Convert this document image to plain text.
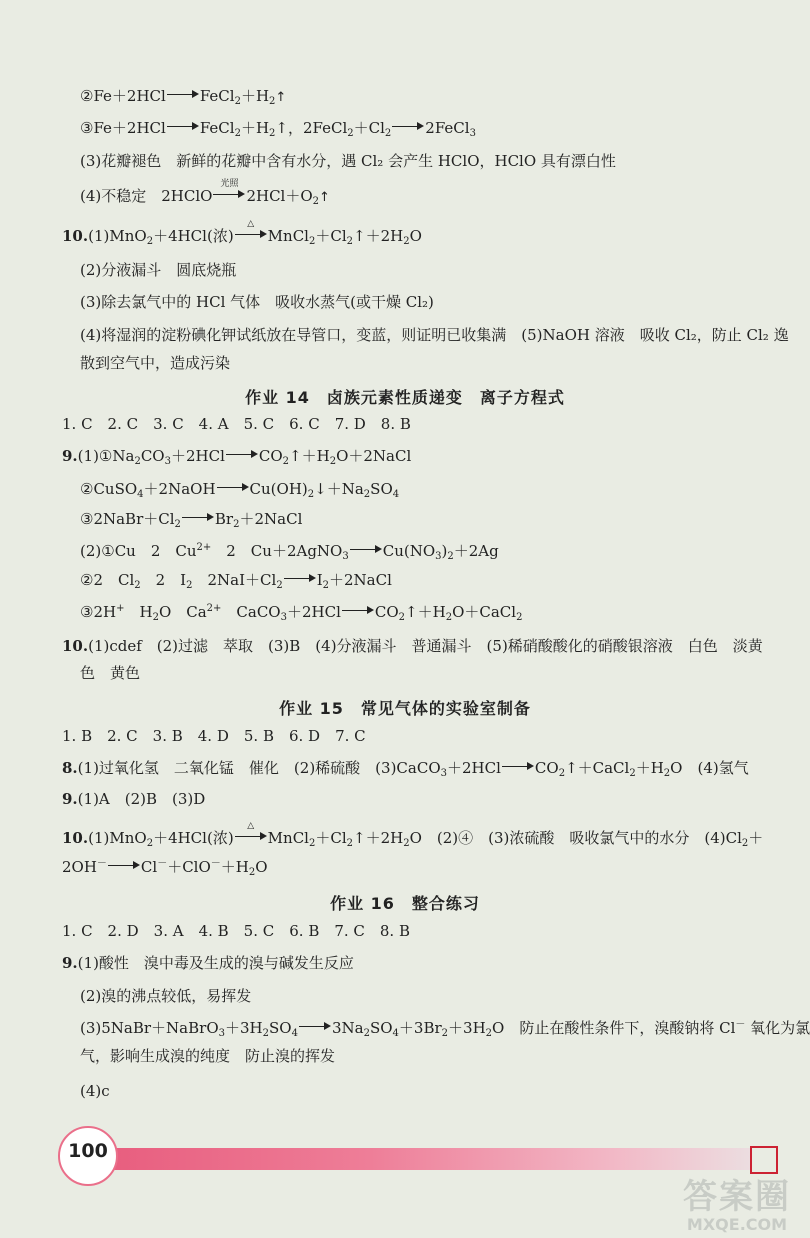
②Fe＋2HCl $FeCl_2+H_2↑$
③Fe＋2HCl $FeCl_2+H_2↑$，$2FeCl_2+Cl_2$ 2FeCl$_3$
(3)花瓣褪色　新鲜的花瓣中含有水分，遇 Cl₂ 会产生 HClO，HClO 具有漂白性
(4)不稳定　2HClO
光照
$2HCl+O_2↑$
10.(1)MnO$_2$＋4HCl(浓)
△
$MnCl_2+Cl_2↑+2H_2O$
(2)分液漏斗　圆底烧瓶
(3)除去氯气中的 HCl 气体　吸收水蒸气(或干燥 Cl₂)
(4)将湿润的淀粉碘化钾试纸放在导管口，变蓝，则证明已收集满　(5)NaOH 溶液　吸收 Cl₂，防止 Cl₂ 逸
散到空气中，造成污染
作业 14　卤族元素性质递变　离子方程式
1. C　2. C　3. C　4. A　5. C　6. C　7. D　8. B
$9.(1)①Na_2CO_3+2HCl$ $CO_2↑+H_2O+2NaCl$
②CuSO$_4$＋2NaOH $Cu(OH)_2↓+Na_2SO_4$
$③2NaBr+Cl_2$ $Br_2+2NaCl$
(2)①Cu　2　$Cu^{2+}$　2　Cu＋2AgNO$_3$ $Cu(NO_3)_2+2Ag$
②2　$Cl_2$　2　$I_2$　$2NaI+Cl_2$ $I_2+2NaCl$
③2H+　$H_2O$　$Ca^{2+}$　CaCO$_3$＋2HCl $CO_2↑+H_2O+CaCl_2$
10.(1)cdef　(2)过滤　萃取　(3)B　(4)分液漏斗　普通漏斗　(5)稀硝酸酸化的硝酸银溶液　白色　淡黄
色　黄色
作业 15　常见气体的实验室制备
1. B　2. C　3. B　4. D　5. B　6. D　7. C
8.(1)过氧化氢　二氧化锰　催化　(2)稀硫酸　(3)CaCO$_3$＋2HCl $CO_2↑+CaCl_2+H_2O$　(4)氢气
9.(1)A　(2)B　(3)D
10.(1)MnO$_2$＋4HCl(浓)
△
$MnCl_2+Cl_2↑+2H_2O$　(2)④　(3)浓硫酸　吸收氯气中的水分　$(4)Cl_2+$
2OH－ $Cl^-+ClO^-+H_2O$
作业 16　整合练习
1. C　2. D　3. A　4. B　5. C　6. B　7. C　8. B
9.(1)酸性　溴中毒及生成的溴与碱发生反应
(2)溴的沸点较低，易挥发
$(3)5NaBr+NaBrO_3+3H_2SO_4$ $3Na_2SO_4+3Br_2+3H_2O$　防止在酸性条件下，溴酸钠将 Cl－ 氧化为氯
气，影响生成溴的纯度　防止溴的挥发
(4)c
100
答案圈
MXQE.COM
